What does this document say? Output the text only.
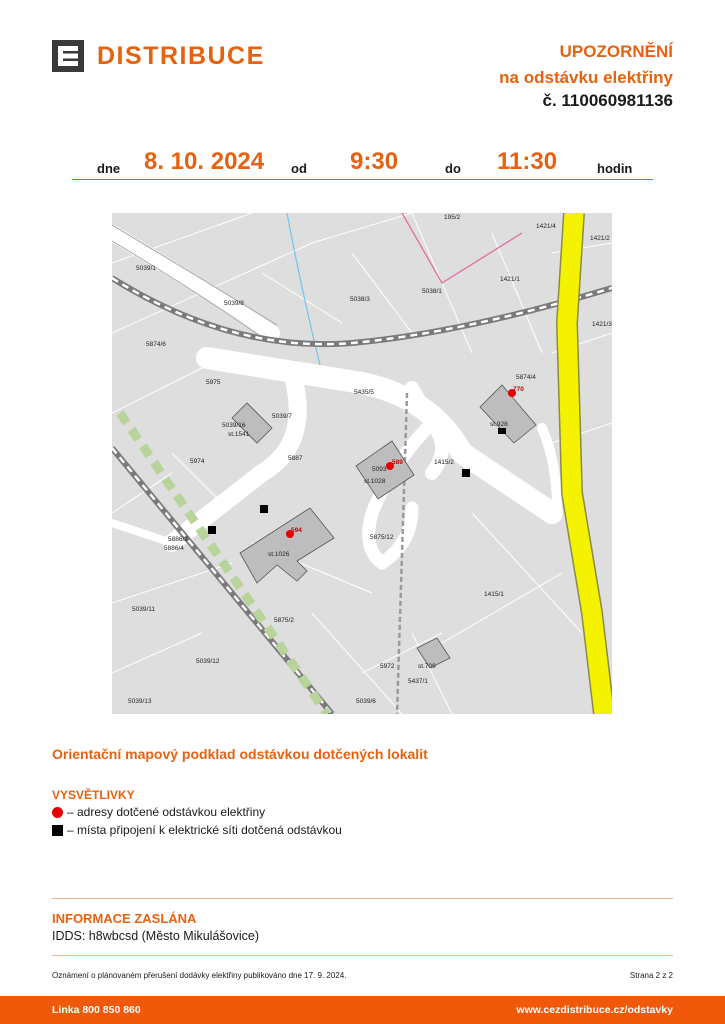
DISTRIBUCE	UPOZORNĚNÍ
na odstávku elektřiny
č. 110060981136
dne 8. 10. 2024 od 9:30	do 11:30	hodin
195/2
1421/4
1421/2
5039/1
5039/8
5038/3
5038/1
1421/1
1421/3
5874/6
5874/4
5975
5435/5
5039/16
st.1541
5039/7
st.928
5974	5887
5093
st.1028
1415/2
5886/2
5886/4
st.1026
5875/12
5039/11
1415/1
5875/2
5039/12
5972	st.709
5437/1
5039/13	5039/6
770
589
594
Orientační mapový podklad odstávkou dotčených lokalit
VYSVĚTLIVKY
– adresy dotčené odstávkou elektřiny
– místa připojení k elektrické síti dotčená odstávkou
INFORMACE ZASLÁNA
IDDS: h8wbcsd (Město Mikulášovice)
Oznámení o plánovaném přerušení dodávky elektřiny publikováno dne 17. 9. 2024.	Strana 2 z 2
Linka 800 850 860	www.cezdistribuce.cz/odstavky
